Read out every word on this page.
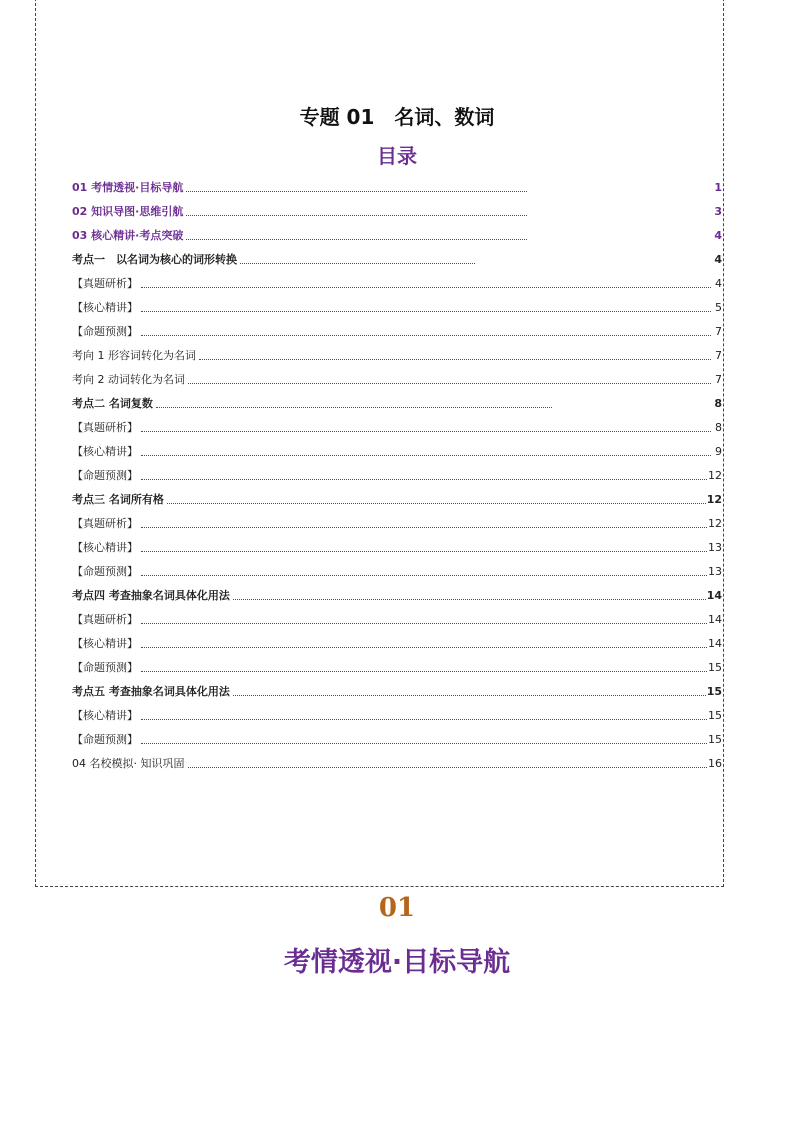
专题 01　名词、数词
目录
01 考情透视·目标导航	1
02 知识导图·思维引航	3
03 核心精讲·考点突破	4
考点一　以名词为核心的词形转换	4
【真题研析】	4
【核心精讲】	5
【命题预测】	7
考向 1 形容词转化为名词	7
考向 2 动词转化为名词	7
考点二 名词复数	8
【真题研析】	8
【核心精讲】	9
【命题预测】	12
考点三 名词所有格	12
【真题研析】	12
【核心精讲】	13
【命题预测】	13
考点四 考查抽象名词具体化用法	14
【真题研析】	14
【核心精讲】	14
【命题预测】	15
考点五 考查抽象名词具体化用法	15
【核心精讲】	15
【命题预测】	15
04 名校模拟· 知识巩固	16
01
考情透视·目标导航
